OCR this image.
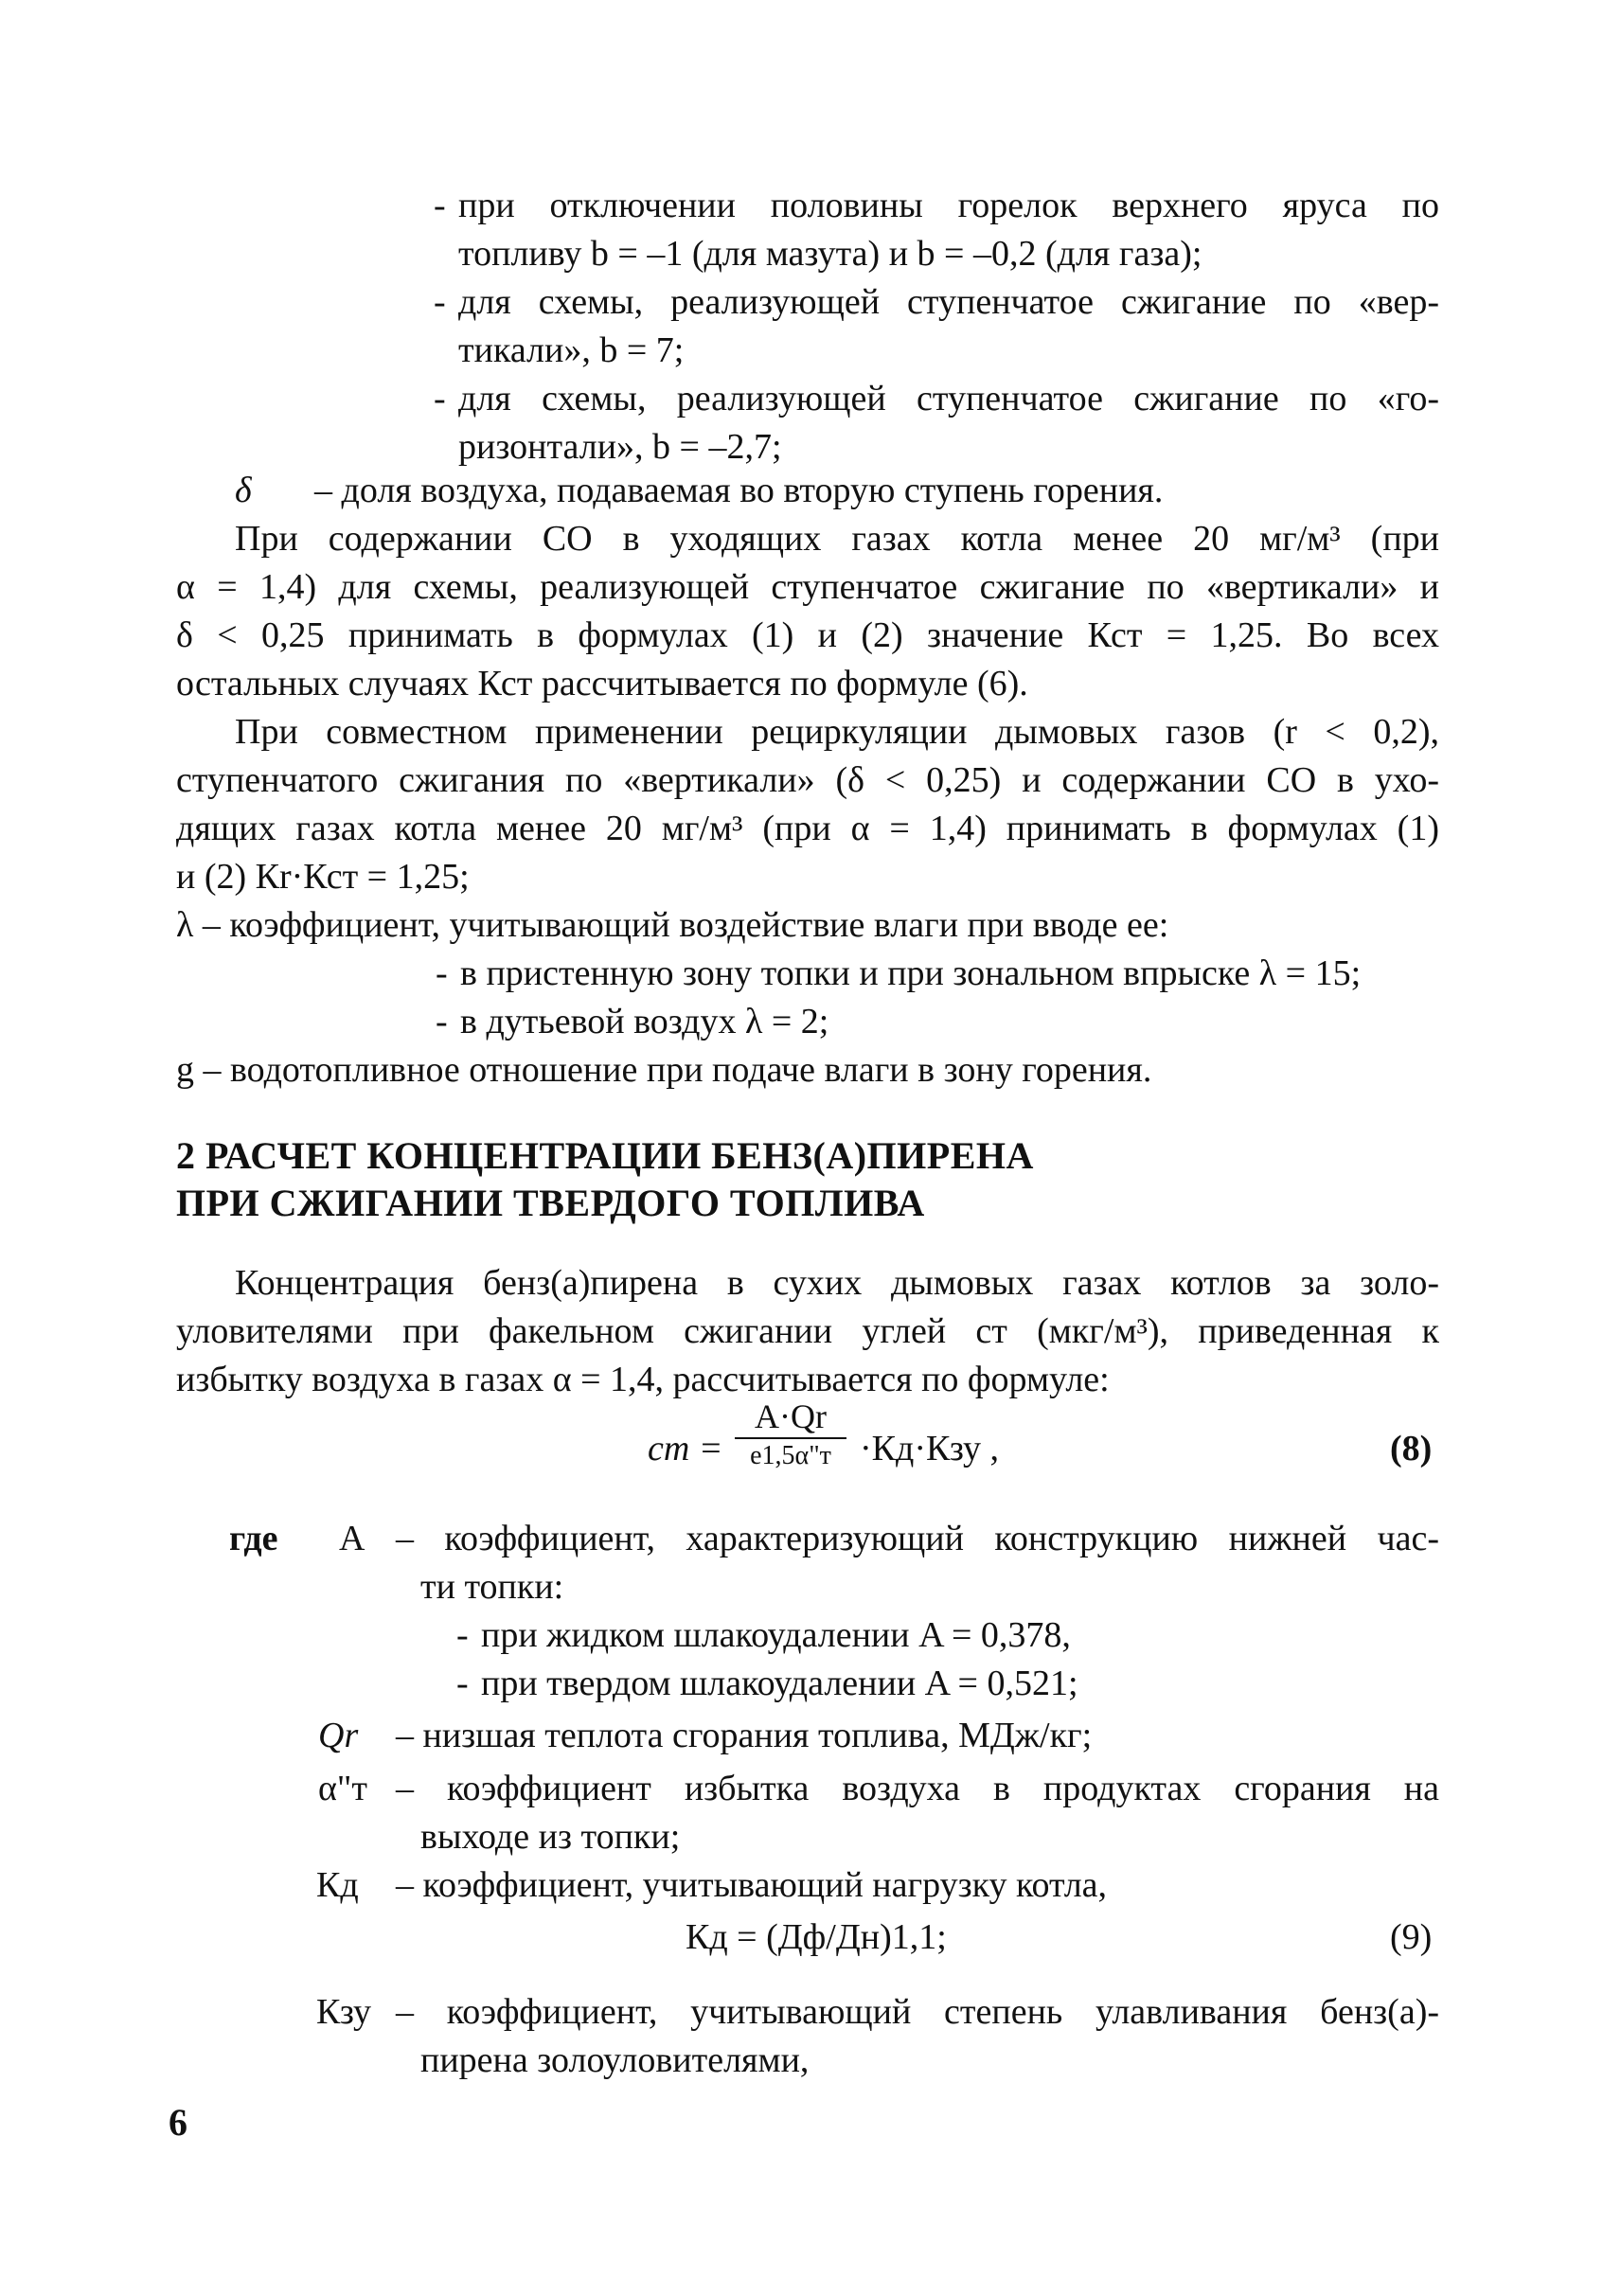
- при отключении половины горелок верхнего яруса по
топливу b = –1 (для мазута) и b = –0,2 (для газа);
- для схемы, реализующей ступенчатое сжигание по «вер-
тикали», b = 7;
- для схемы, реализующей ступенчатое сжигание по «го-
ризонтали», b = –2,7;
δ – доля воздуха, подаваемая во вторую ступень горения.
При содержании СО в уходящих газах котла менее 20 мг/м³ (при
α = 1,4) для схемы, реализующей ступенчатое сжигание по «вертикали» и
δ < 0,25 принимать в формулах (1) и (2) значение Кст = 1,25. Во всех
остальных случаях Кст рассчитывается по формуле (6).
При совместном применении рециркуляции дымовых газов (r < 0,2),
ступенчатого сжигания по «вертикали» (δ < 0,25) и содержании СО в ухо-
дящих газах котла менее 20 мг/м³ (при α = 1,4) принимать в формулах (1)
и (2) Кr·Кст = 1,25;
λ – коэффициент, учитывающий воздействие влаги при вводе ее:
- в пристенную зону топки и при зональном впрыске λ = 15;
- в дутьевой воздух λ = 2;
g – водотопливное отношение при подаче влаги в зону горения.
2 РАСЧЕТ КОНЦЕНТРАЦИИ БЕНЗ(А)ПИРЕНА
ПРИ СЖИГАНИИ ТВЕРДОГО ТОПЛИВА
Концентрация бенз(а)пирена в сухих дымовых газах котлов за золо-
уловителями при факельном сжигании углей cт (мкг/м³), приведенная к
избытку воздуха в газах α = 1,4, рассчитывается по формуле:
cт =
A·Qr
e1,5α"т ·Кд·Кзу ,	(8)
где A – коэффициент, характеризующий конструкцию нижней час-
ти топки:
- при жидком шлакоудалении A = 0,378,
- при твердом шлакоудалении A = 0,521;
Qr – низшая теплота сгорания топлива, МДж/кг;
α"т – коэффициент избытка воздуха в продуктах сгорания на
выходе из топки;
Кд – коэффициент, учитывающий нагрузку котла,
Кд = (Дф/Дн)1,1;	(9)
Кзу – коэффициент, учитывающий степень улавливания бенз(а)-
пирена золоуловителями,
6
